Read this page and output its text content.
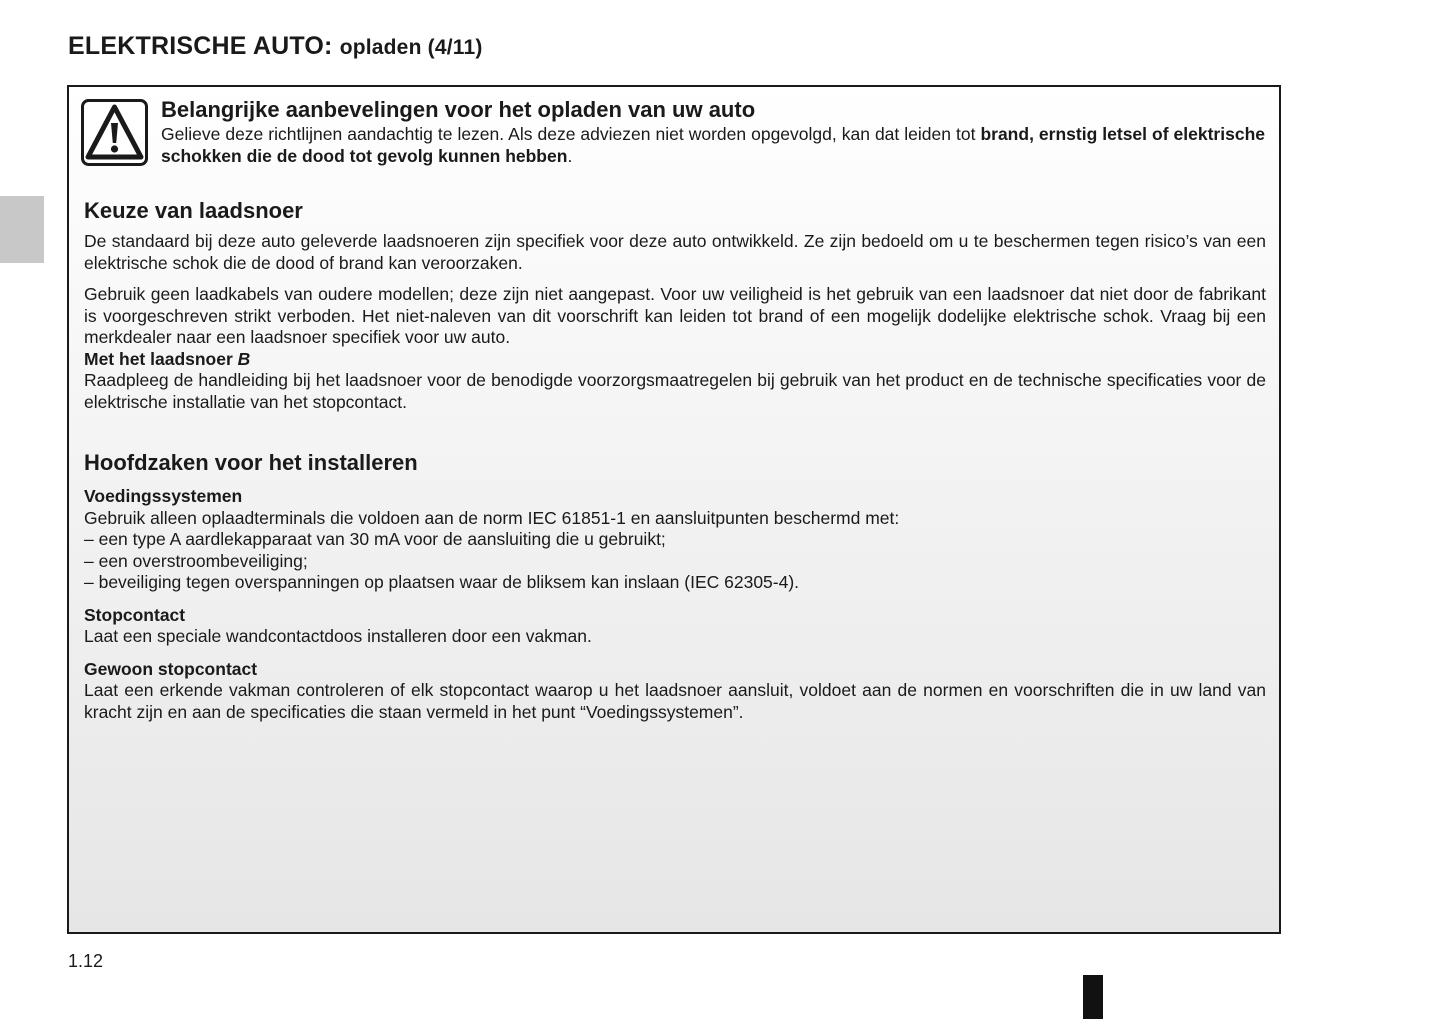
ELEKTRISCHE AUTO: opladen (4/11)
Belangrijke aanbevelingen voor het opladen van uw auto

Gelieve deze richtlijnen aandachtig te lezen. Als deze adviezen niet worden opgevolgd, kan dat leiden tot brand, ernstig letsel of elektrische schokken die de dood tot gevolg kunnen hebben.

Keuze van laadsnoer

De standaard bij deze auto geleverde laadsnoeren zijn specifiek voor deze auto ontwikkeld. Ze zijn bedoeld om u te beschermen tegen risico’s van een elektrische schok die de dood of brand kan veroorzaken.

Gebruik geen laadkabels van oudere modellen; deze zijn niet aangepast. Voor uw veiligheid is het gebruik van een laadsnoer dat niet door de fabrikant is voorgeschreven strikt verboden. Het niet-naleven van dit voorschrift kan leiden tot brand of een mogelijk dodelijke elektrische schok. Vraag bij een merkdealer naar een laadsnoer specifiek voor uw auto.

Met het laadsnoer B

Raadpleeg de handleiding bij het laadsnoer voor de benodigde voorzorgsmaatregelen bij gebruik van het product en de technische specificaties voor de elektrische installatie van het stopcontact.

Hoofdzaken voor het installeren

Voedingssystemen

Gebruik alleen oplaadterminals die voldoen aan de norm IEC 61851-1 en aansluitpunten beschermd met:

– een type A aardlekapparaat van 30 mA voor de aansluiting die u gebruikt;

– een overstroombeveiliging;

– beveiliging tegen overspanningen op plaatsen waar de bliksem kan inslaan (IEC 62305-4).

Stopcontact

Laat een speciale wandcontactdoos installeren door een vakman.

Gewoon stopcontact

Laat een erkende vakman controleren of elk stopcontact waarop u het laadsnoer aansluit, voldoet aan de normen en voorschriften die in uw land van kracht zijn en aan de specificaties die staan vermeld in het punt “Voedingssystemen”.

1.12
